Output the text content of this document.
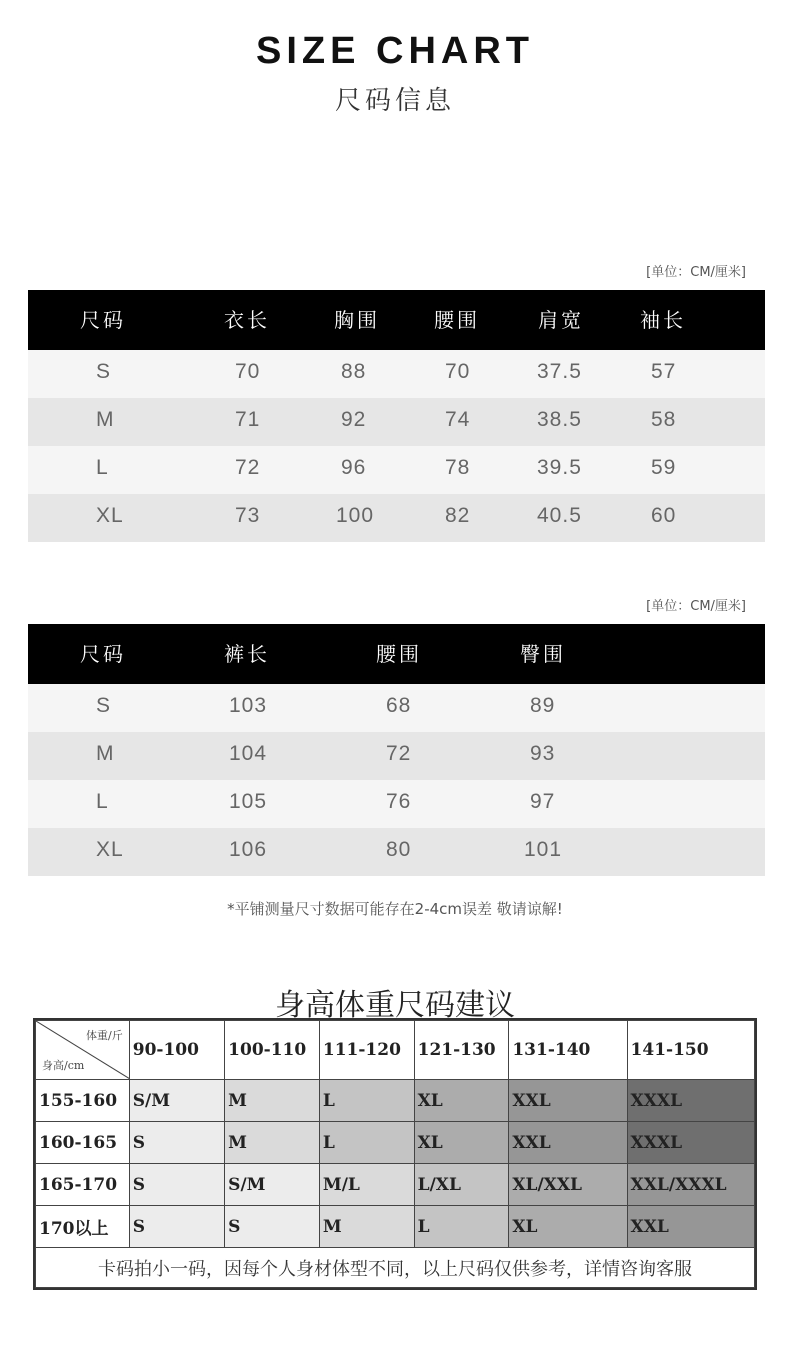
SIZE CHART
尺码信息
[单位：CM/厘米]
尺码	衣长	胸围	腰围	肩宽	袖长
S	70	88	70	37.5	57
M	71	92	74	38.5	58
L	72	96	78	39.5	59
XL	73	100	82	40.5	60
[单位：CM/厘米]
尺码	裤长	腰围	臀围
S	103	68	89
M	104	72	93
L	105	76	97
XL	106	80	101
*平铺测量尺寸数据可能存在2-4cm误差 敬请谅解!
身高体重尺码建议
体重/斤
身高/cm	90-100	100-110	111-120	121-130	131-140	141-150
155-160	S/M	M	L	XL	XXL	XXXL
160-165	S	M	L	XL	XXL	XXXL
165-170	S	S/M	M/L	L/XL	XL/XXL	XXL/XXXL
170以上	S	S	M	L	XL	XXL
卡码拍小一码，因每个人身材体型不同，以上尺码仅供参考，详情咨询客服						
